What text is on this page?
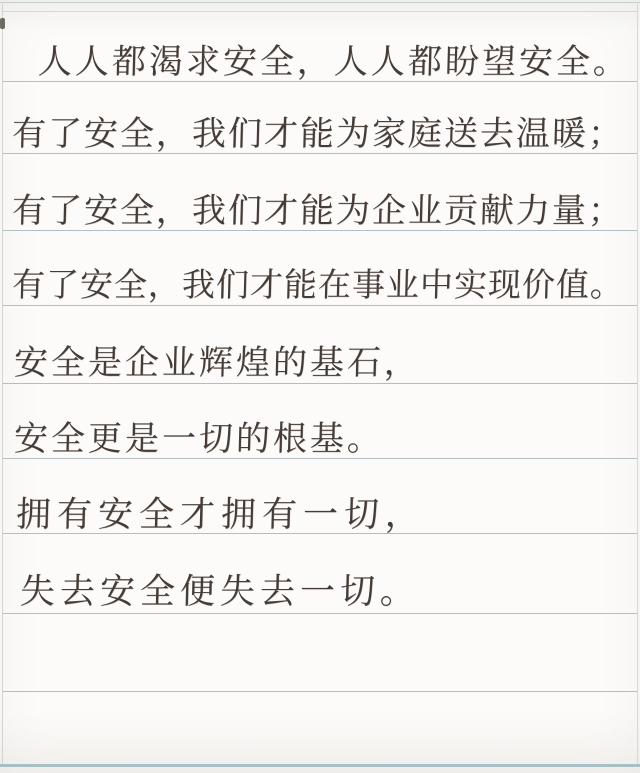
人人都渴求安全，人人都盼望安全。
有了安全，我们才能为家庭送去温暖；
有了安全，我们才能为企业贡献力量；
有了安全，我们才能在事业中实现价值。
安全是企业辉煌的基石，
安全更是一切的根基。
拥有安全才拥有一切，
失去安全便失去一切。
